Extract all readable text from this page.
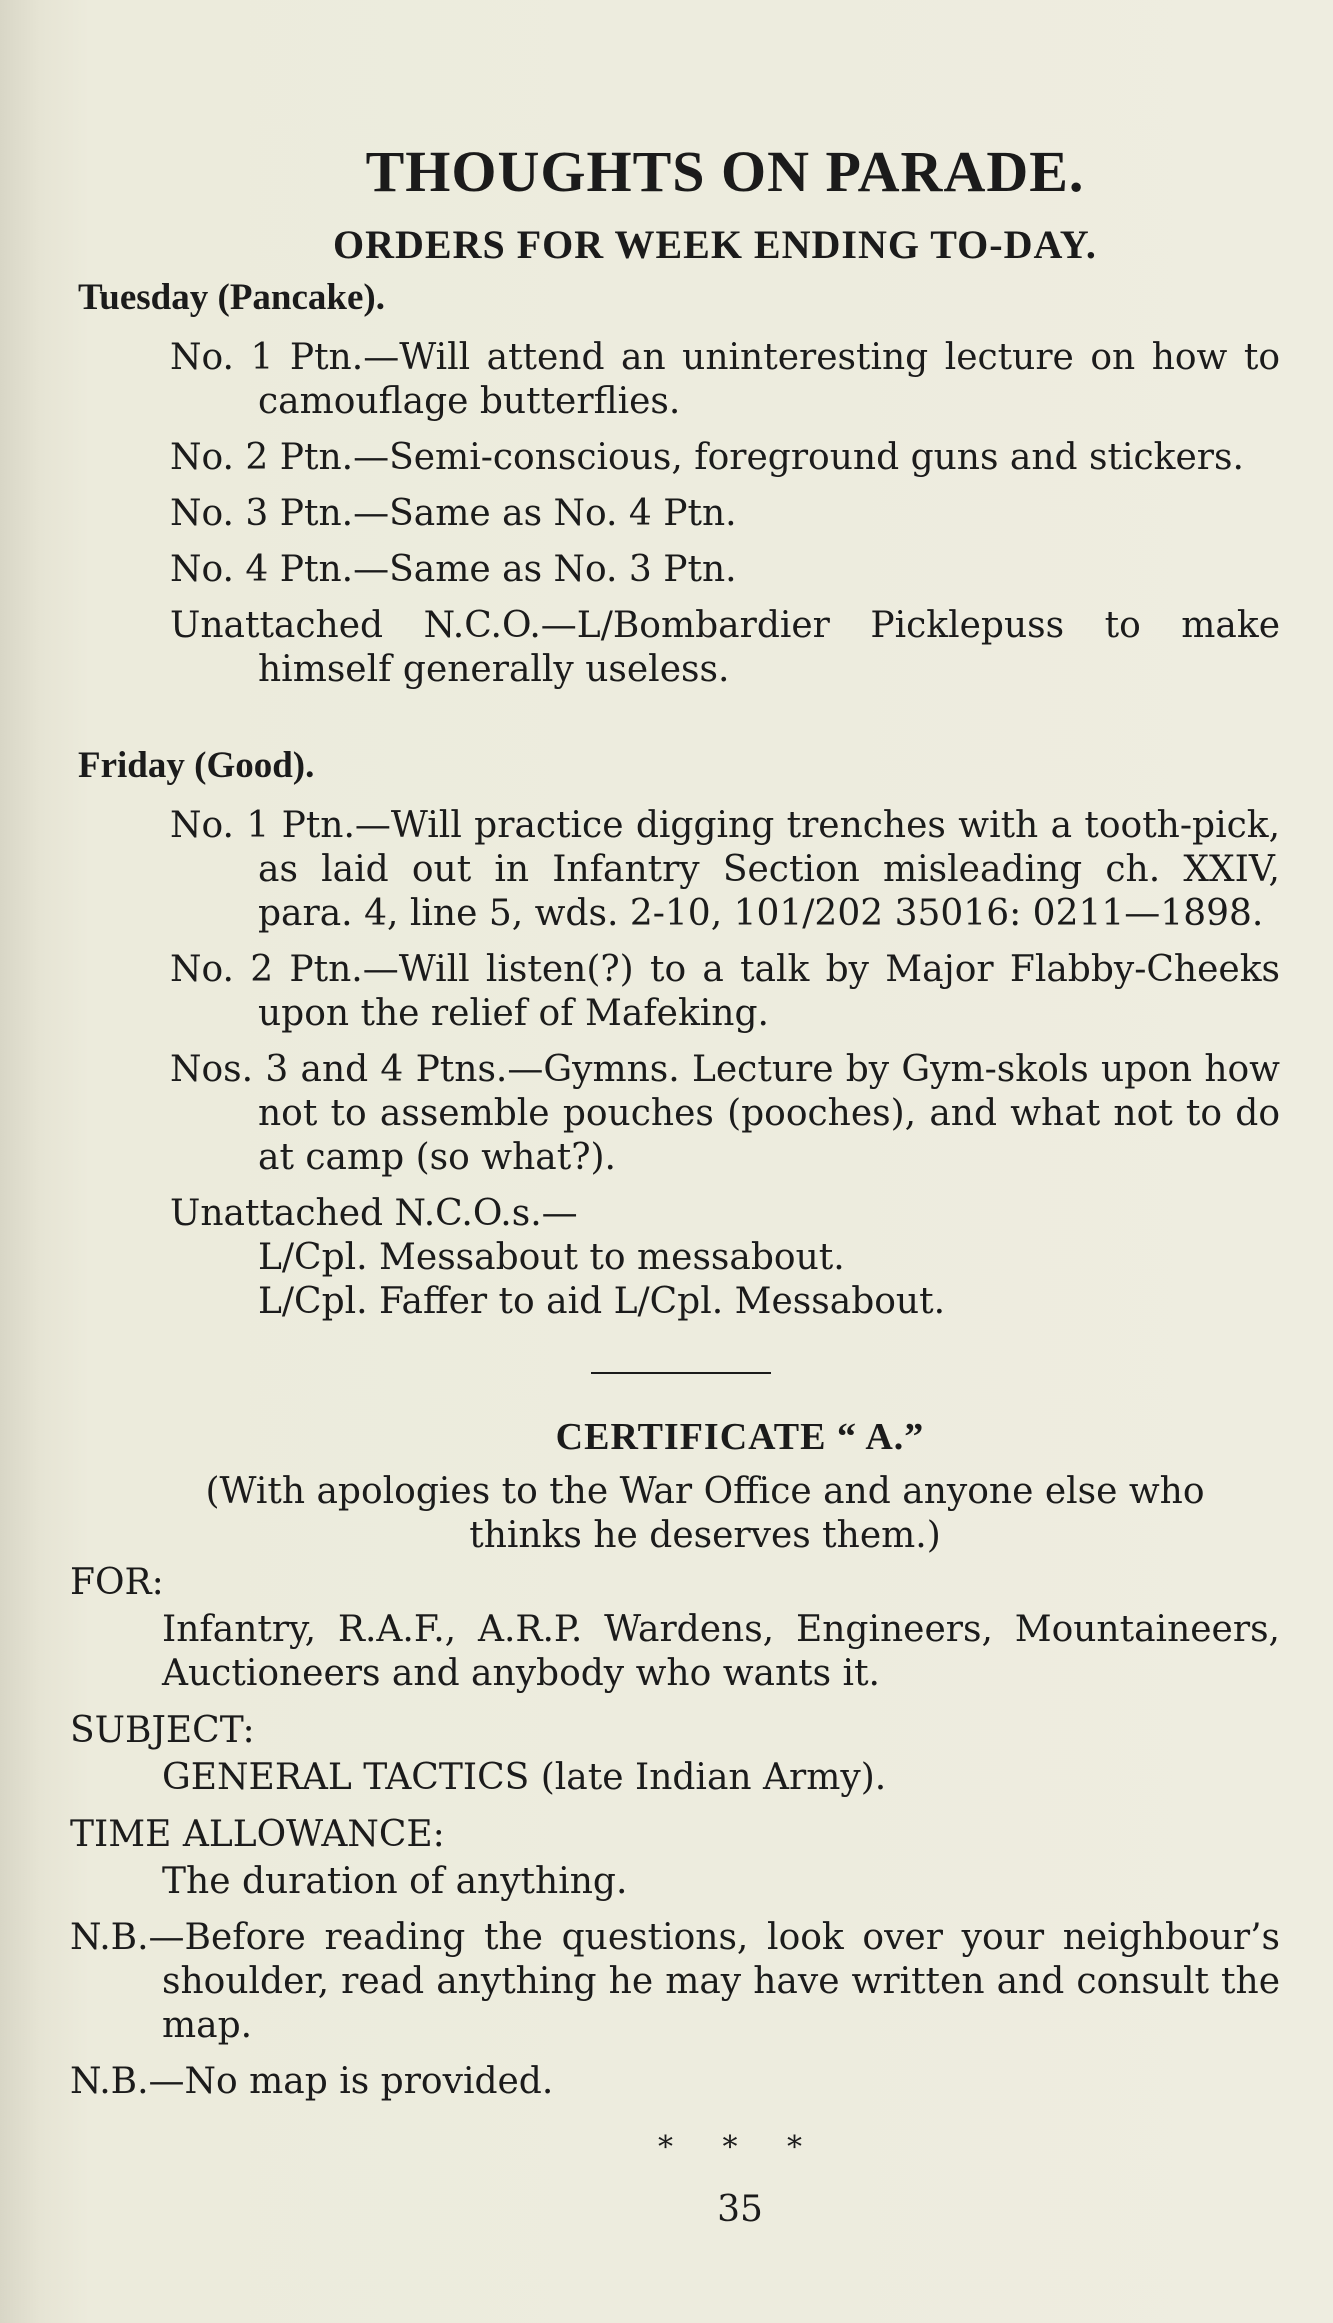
THOUGHTS ON PARADE.
ORDERS FOR WEEK ENDING TO-DAY.
Tuesday (Pancake).
No. 1 Ptn.—Will attend an uninteresting lecture on how to camouflage butterflies.
No. 2 Ptn.—Semi-conscious, foreground guns and stickers.
No. 3 Ptn.—Same as No. 4 Ptn.
No. 4 Ptn.—Same as No. 3 Ptn.
Unattached N.C.O.—L/Bombardier Picklepuss to make himself generally useless.
Friday (Good).
No. 1 Ptn.—Will practice digging trenches with a tooth-pick, as laid out in Infantry Section misleading ch. XXIV, para. 4, line 5, wds. 2-10, 101/202 35016: 0211—1898.
No. 2 Ptn.—Will listen(?) to a talk by Major Flabby-Cheeks upon the relief of Mafeking.
Nos. 3 and 4 Ptns.—Gymns. Lecture by Gym-skols upon how not to assemble pouches (pooches), and what not to do at camp (so what?).
Unattached N.C.O.s.—
L/Cpl. Messabout to messabout.
L/Cpl. Faffer to aid L/Cpl. Messabout.
CERTIFICATE “ A.”
(With apologies to the War Office and anyone else who thinks he deserves them.)
FOR:
Infantry, R.A.F., A.R.P. Wardens, Engineers, Mountaineers, Auctioneers and anybody who wants it.
SUBJECT:
GENERAL TACTICS (late Indian Army).
TIME ALLOWANCE:
The duration of anything.
N.B.—Before reading the questions, look over your neighbour’s shoulder, read anything he may have written and consult the map.
N.B.—No map is provided.
* * *
35
